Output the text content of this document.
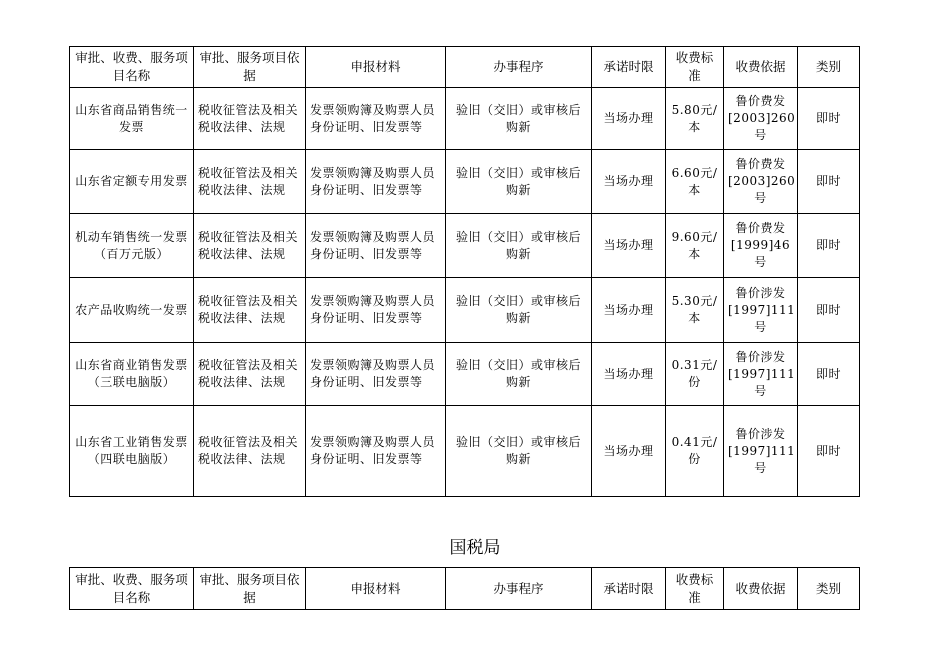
审批、收费、服务项目名称	审批、服务项目依据	申报材料	办事程序	承诺时限	收费标准	收费依据	类别
山东省商品销售统一发票	税收征管法及相关税收法律、法规	发票领购簿及购票人员身份证明、旧发票等	验旧（交旧）或审核后购新	当场办理	5.80元/本	鲁价费发[2003]260号	即时
山东省定额专用发票	税收征管法及相关税收法律、法规	发票领购簿及购票人员身份证明、旧发票等	验旧（交旧）或审核后购新	当场办理	6.60元/本	鲁价费发[2003]260号	即时
机动车销售统一发票（百万元版）	税收征管法及相关税收法律、法规	发票领购簿及购票人员身份证明、旧发票等	验旧（交旧）或审核后购新	当场办理	9.60元/本	鲁价费发[1999]46号	即时
农产品收购统一发票	税收征管法及相关税收法律、法规	发票领购簿及购票人员身份证明、旧发票等	验旧（交旧）或审核后购新	当场办理	5.30元/本	鲁价涉发[1997]111号	即时
山东省商业销售发票（三联电脑版）	税收征管法及相关税收法律、法规	发票领购簿及购票人员身份证明、旧发票等	验旧（交旧）或审核后购新	当场办理	0.31元/份	鲁价涉发[1997]111号	即时
山东省工业销售发票（四联电脑版）	税收征管法及相关税收法律、法规	发票领购簿及购票人员身份证明、旧发票等	验旧（交旧）或审核后购新	当场办理	0.41元/份	鲁价涉发[1997]111号	即时
国税局
审批、收费、服务项目名称	审批、服务项目依据	申报材料	办事程序	承诺时限	收费标准	收费依据	类别
